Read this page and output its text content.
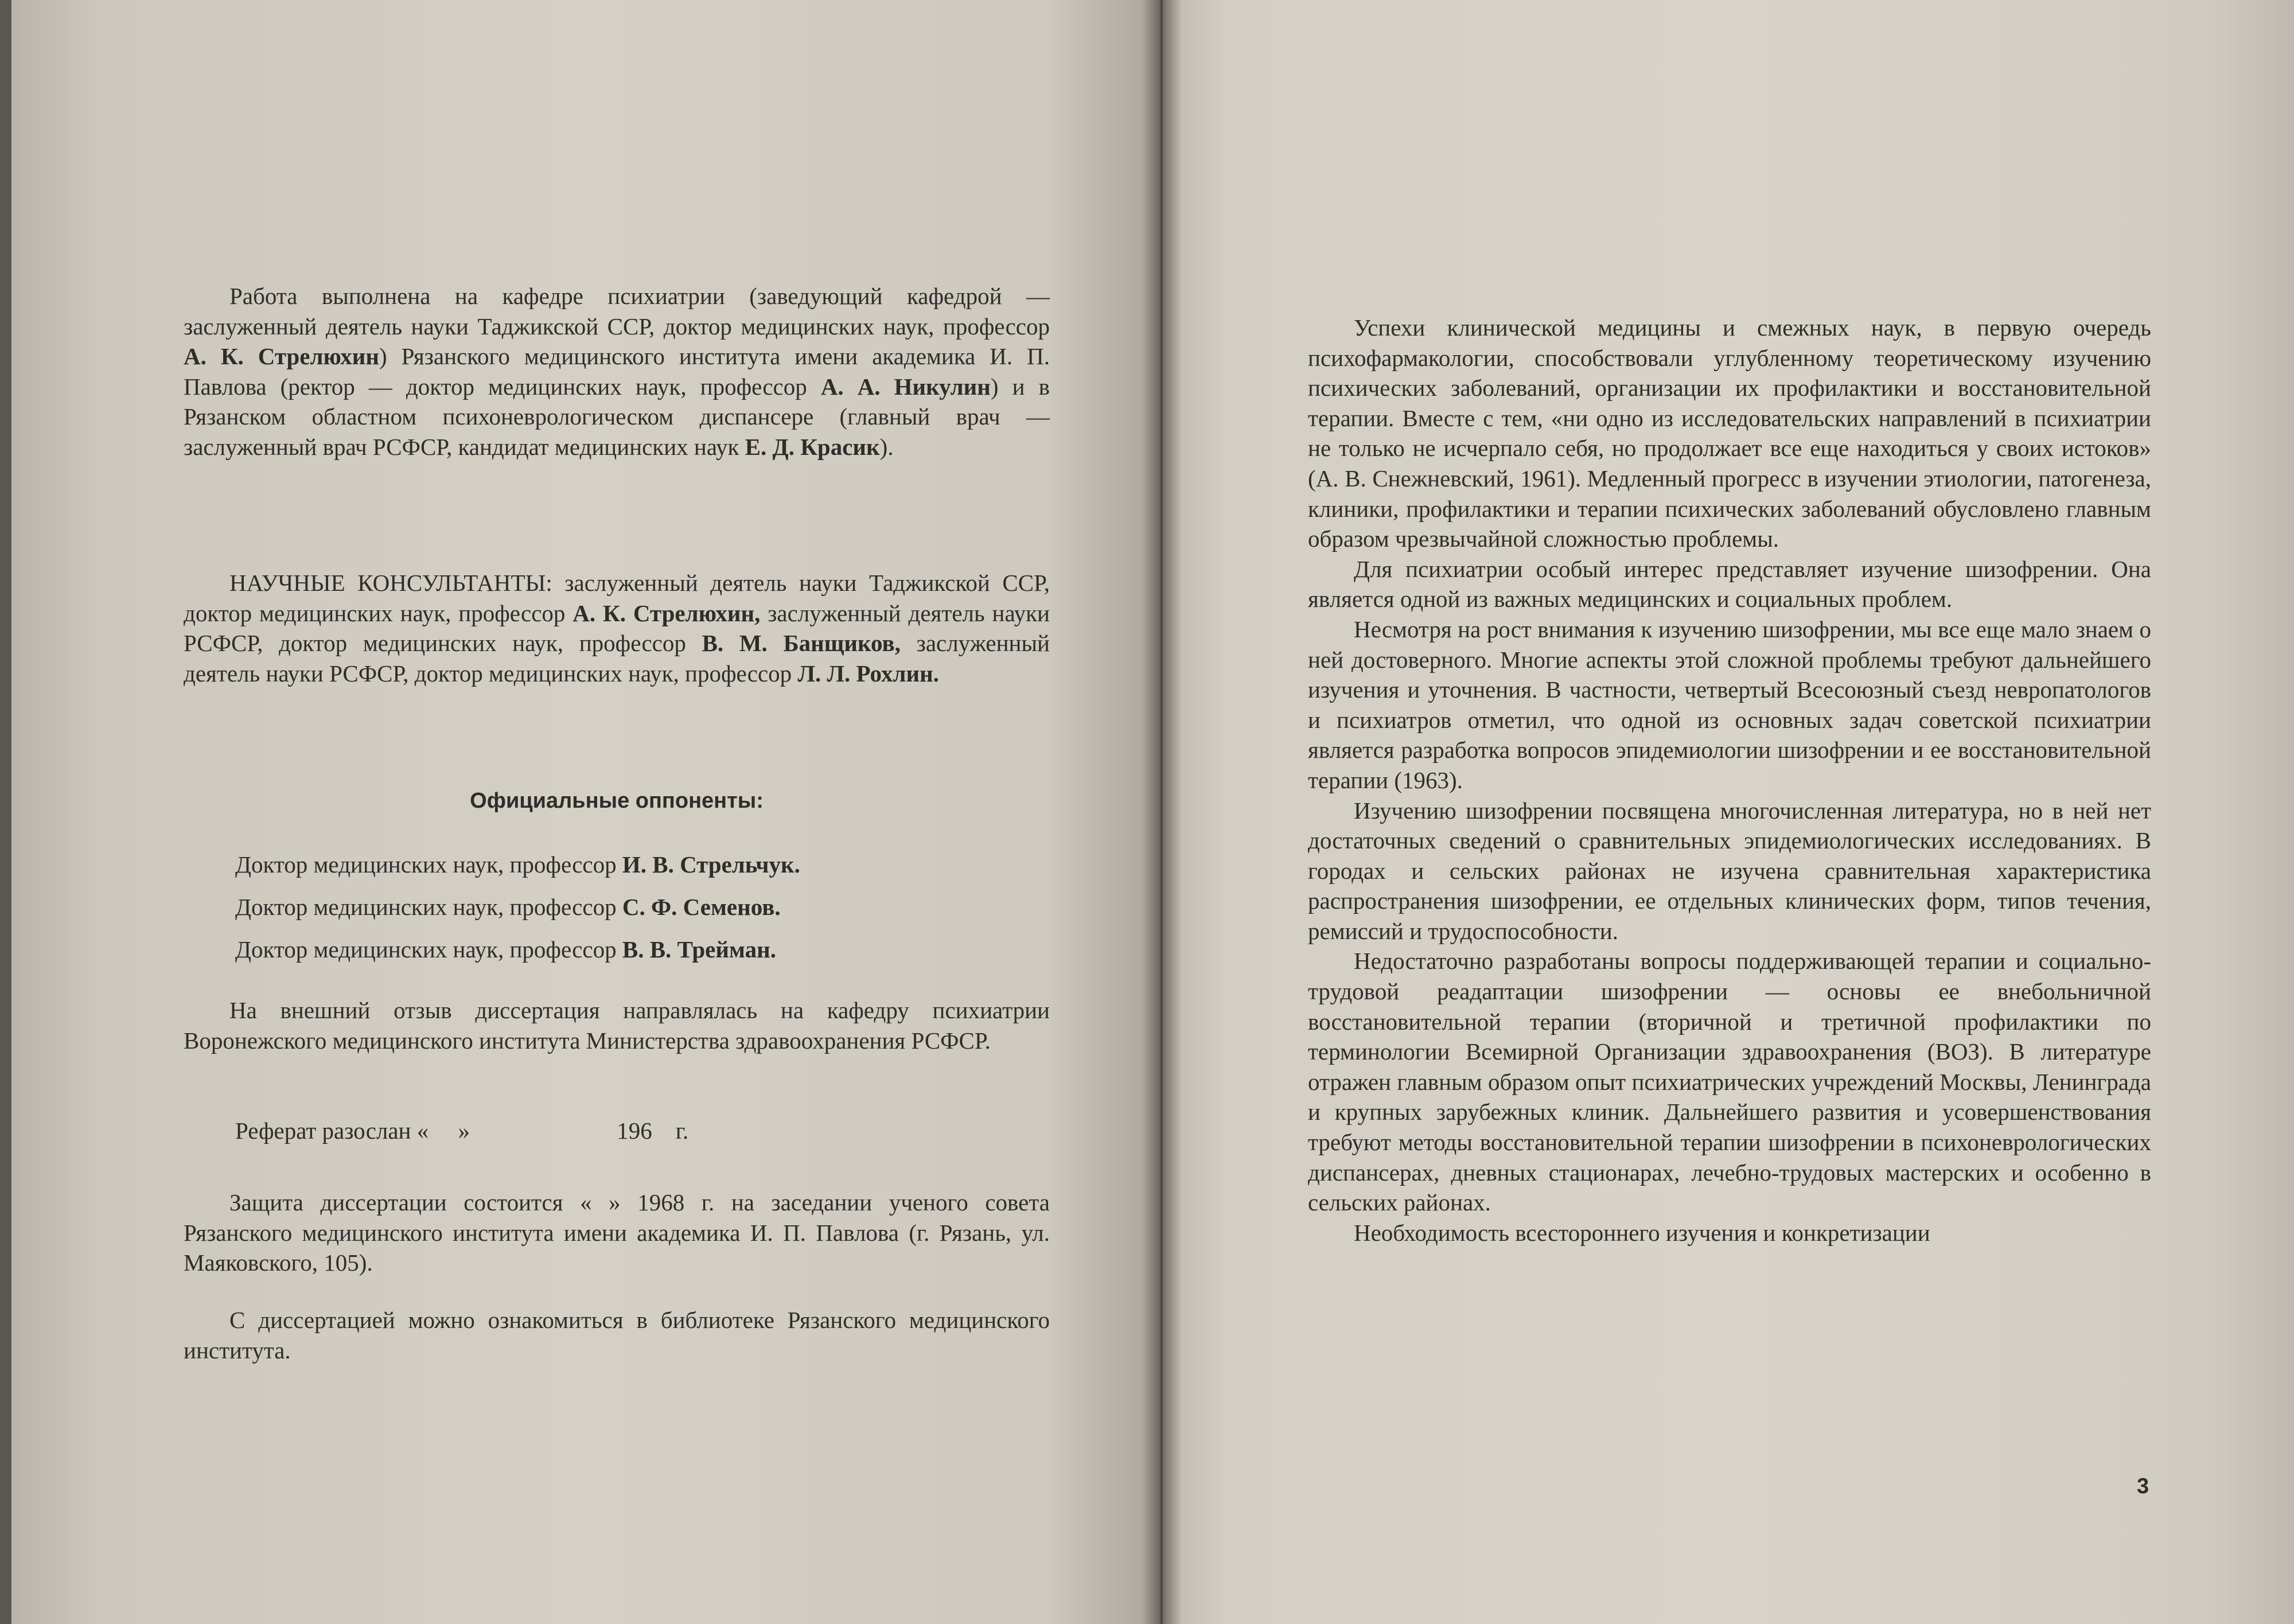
Работа выполнена на кафедре психиатрии (заведующий кафедрой — заслуженный деятель науки Таджикской ССР, доктор медицинских наук, профессор А. К. Стрелюхин) Рязанского медицинского института имени академика И. П. Павлова (ректор — доктор медицинских наук, профессор А. А. Никулин) и в Рязанском областном психоневрологическом диспансере (главный врач — заслуженный врач РСФСР, кандидат медицинских наук Е. Д. Красик).

НАУЧНЫЕ КОНСУЛЬТАНТЫ: заслуженный деятель науки Таджикской ССР, доктор медицинских наук, профессор А. К. Стрелюхин, заслуженный деятель науки РСФСР, доктор медицинских наук, профессор В. М. Банщиков, заслуженный деятель науки РСФСР, доктор медицинских наук, профессор Л. Л. Рохлин.

Официальные оппоненты:

Доктор медицинских наук, профессор И. В. Стрельчук.

Доктор медицинских наук, профессор С. Ф. Семенов.

Доктор медицинских наук, профессор В. В. Трейман.

На внешний отзыв диссертация направлялась на кафедру психиатрии Воронежского медицинского института Министерства здравоохранения РСФСР.

Реферат разослан «     »                         196    г.

Защита диссертации состоится « » 1968 г. на заседании ученого совета Рязанского медицинского института имени академика И. П. Павлова (г. Рязань, ул. Маяковского, 105).

С диссертацией можно ознакомиться в библиотеке Рязанского медицинского института.

Успехи клинической медицины и смежных наук, в первую очередь психофармакологии, способствовали углубленному теоретическому изучению психических заболеваний, организации их профилактики и восстановительной терапии. Вместе с тем, «ни одно из исследовательских направлений в психиатрии не только не исчерпало себя, но продолжает все еще находиться у своих истоков» (А. В. Снежневский, 1961). Медленный прогресс в изучении этиологии, патогенеза, клиники, профилактики и терапии психических заболеваний обусловлено главным образом чрезвычайной сложностью проблемы.

Для психиатрии особый интерес представляет изучение шизофрении. Она является одной из важных медицинских и социальных проблем.

Несмотря на рост внимания к изучению шизофрении, мы все еще мало знаем о ней достоверного. Многие аспекты этой сложной проблемы требуют дальнейшего изучения и уточнения. В частности, четвертый Всесоюзный съезд невропатологов и психиатров отметил, что одной из основных задач советской психиатрии является разработка вопросов эпидемиологии шизофрении и ее восстановительной терапии (1963).

Изучению шизофрении посвящена многочисленная литература, но в ней нет достаточных сведений о сравнительных эпидемиологических исследованиях. В городах и сельских районах не изучена сравнительная характеристика распространения шизофрении, ее отдельных клинических форм, типов течения, ремиссий и трудоспособности.

Недостаточно разработаны вопросы поддерживающей терапии и социально-трудовой реадаптации шизофрении — основы ее внебольничной восстановительной терапии (вторичной и третичной профилактики по терминологии Всемирной Организации здравоохранения (ВОЗ). В литературе отражен главным образом опыт психиатрических учреждений Москвы, Ленинграда и крупных зарубежных клиник. Дальнейшего развития и усовершенствования требуют методы восстановительной терапии шизофрении в психоневрологических диспансерах, дневных стационарах, лечебно-трудовых мастерских и особенно в сельских районах.

Необходимость всестороннего изучения и конкретизации

3
